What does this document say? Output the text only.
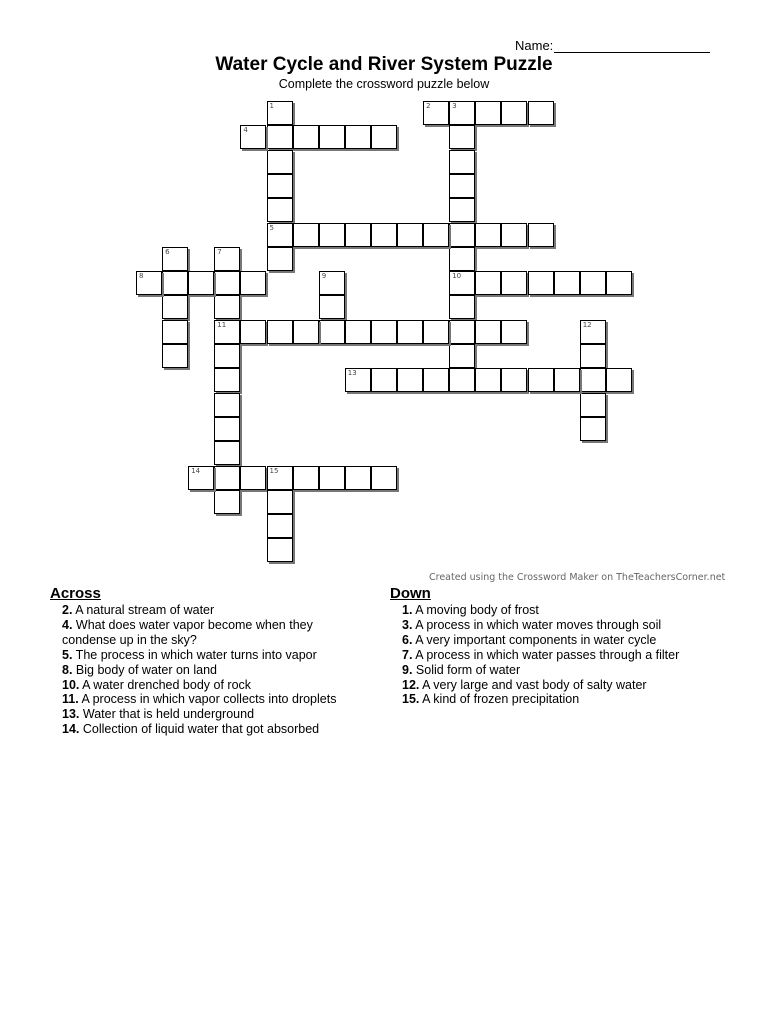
Name:
Water Cycle and River System Puzzle
Complete the crossword puzzle below
2	3
1
5
10
4
6	7
11
8	9
12
13
14	15
Created using the Crossword Maker on TheTeachersCorner.net
Across
2. A natural stream of water
4. What does water vapor become when they condense up in the sky?
5. The process in which water turns into vapor
8. Big body of water on land
10. A water drenched body of rock
11. A process in which vapor collects into droplets
13. Water that is held underground
14. Collection of liquid water that got absorbed
Down
1. A moving body of frost
3. A process in which water moves through soil
6. A very important components in water cycle
7. A process in which water passes through a filter
9. Solid form of water
12. A very large and vast body of salty water
15. A kind of frozen precipitation
